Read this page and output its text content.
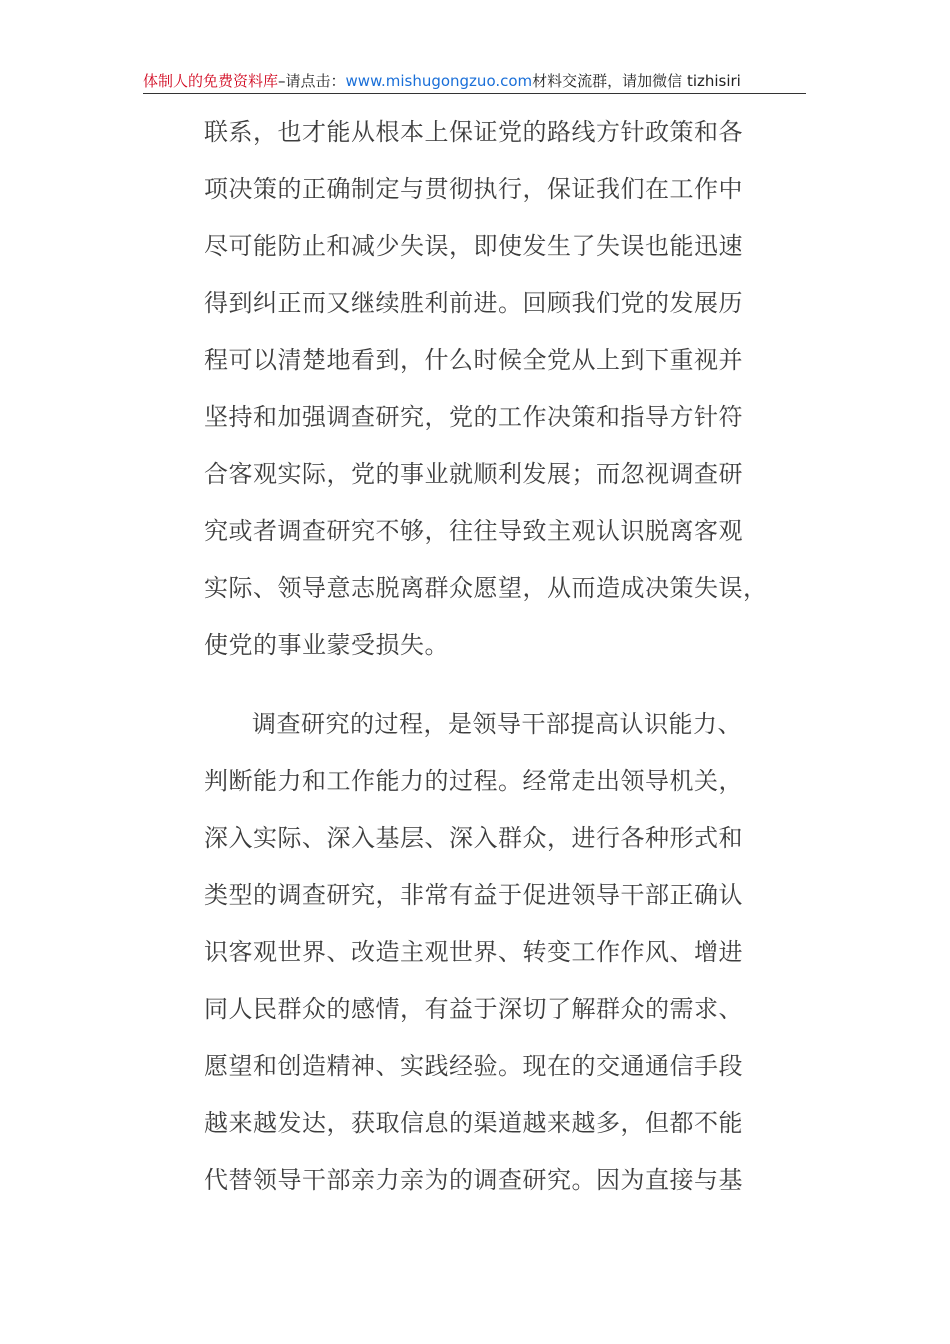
体制人的免费资料库–请点击：www.mishugongzuo.com材料交流群，请加微信 tizhisiri
联系，也才能从根本上保证党的路线方针政策和各
项决策的正确制定与贯彻执行，保证我们在工作中
尽可能防止和减少失误，即使发生了失误也能迅速
得到纠正而又继续胜利前进。回顾我们党的发展历
程可以清楚地看到，什么时候全党从上到下重视并
坚持和加强调查研究，党的工作决策和指导方针符
合客观实际，党的事业就顺利发展；而忽视调查研
究或者调查研究不够，往往导致主观认识脱离客观
实际、领导意志脱离群众愿望，从而造成决策失误，
使党的事业蒙受损失。
调查研究的过程，是领导干部提高认识能力、
判断能力和工作能力的过程。经常走出领导机关，
深入实际、深入基层、深入群众，进行各种形式和
类型的调查研究，非常有益于促进领导干部正确认
识客观世界、改造主观世界、转变工作作风、增进
同人民群众的感情，有益于深切了解群众的需求、
愿望和创造精神、实践经验。现在的交通通信手段
越来越发达，获取信息的渠道越来越多，但都不能
代替领导干部亲力亲为的调查研究。因为直接与基
